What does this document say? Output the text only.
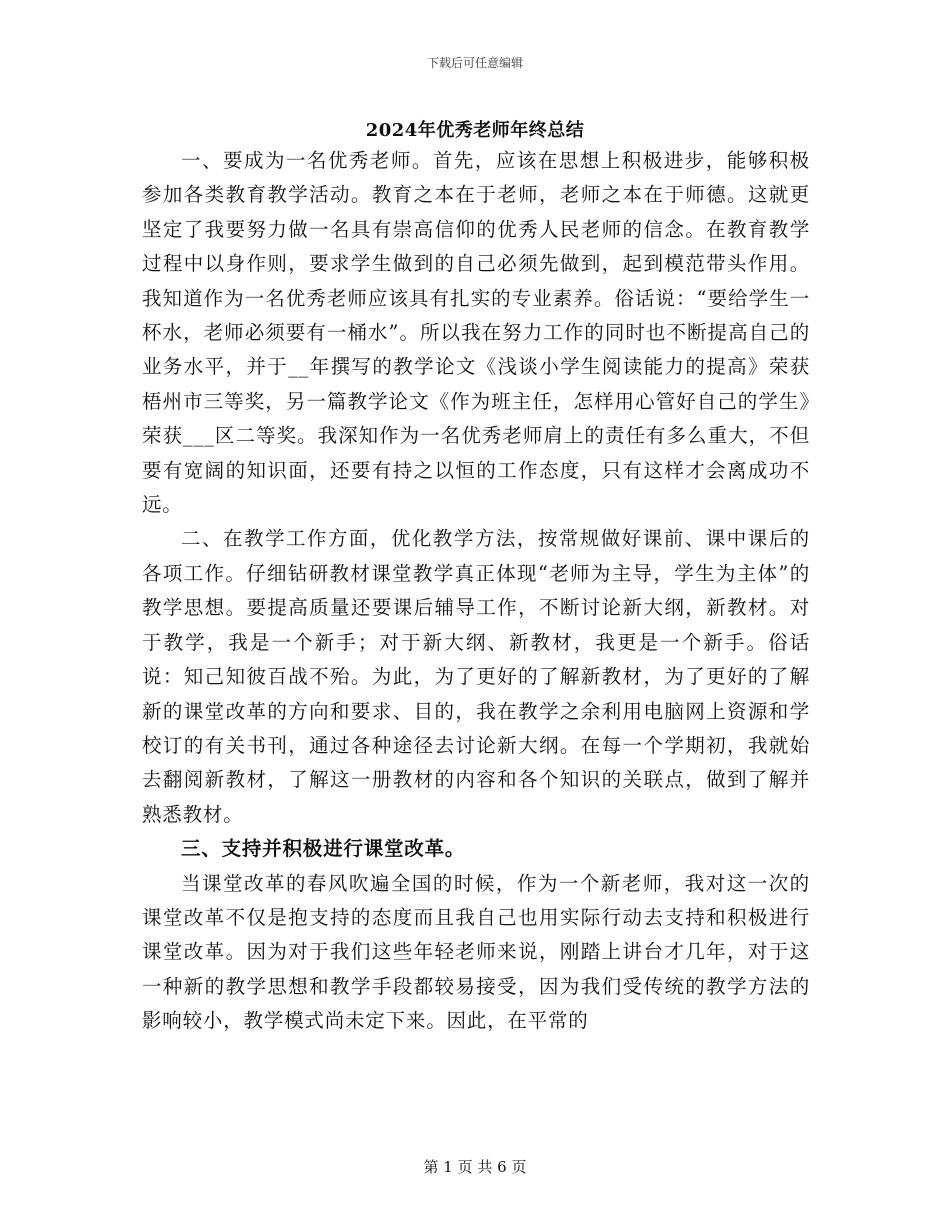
下载后可任意编辑
2024年优秀老师年终总结

一、要成为一名优秀老师。首先，应该在思想上积极进步，能够积极参加各类教育教学活动。教育之本在于老师，老师之本在于师德。这就更坚定了我要努力做一名具有崇高信仰的优秀人民老师的信念。在教育教学过程中以身作则，要求学生做到的自己必须先做到，起到模范带头作用。我知道作为一名优秀老师应该具有扎实的专业素养。俗话说：“要给学生一杯水，老师必须要有一桶水”。所以我在努力工作的同时也不断提高自己的业务水平，并于__年撰写的教学论文《浅谈小学生阅读能力的提高》荣获梧州市三等奖，另一篇教学论文《作为班主任，怎样用心管好自己的学生》荣获___区二等奖。我深知作为一名优秀老师肩上的责任有多么重大，不但要有宽阔的知识面，还要有持之以恒的工作态度，只有这样才会离成功不远。

二、在教学工作方面，优化教学方法，按常规做好课前、课中课后的各项工作。仔细钻研教材课堂教学真正体现“老师为主导，学生为主体”的教学思想。要提高质量还要课后辅导工作，不断讨论新大纲，新教材。对于教学，我是一个新手；对于新大纲、新教材，我更是一个新手。俗话说：知己知彼百战不殆。为此，为了更好的了解新教材，为了更好的了解新的课堂改革的方向和要求、目的，我在教学之余利用电脑网上资源和学校订的有关书刊，通过各种途径去讨论新大纲。在每一个学期初，我就始去翻阅新教材，了解这一册教材的内容和各个知识的关联点，做到了解并熟悉教材。

三、支持并积极进行课堂改革。

当课堂改革的春风吹遍全国的时候，作为一个新老师，我对这一次的课堂改革不仅是抱支持的态度而且我自己也用实际行动去支持和积极进行课堂改革。因为对于我们这些年轻老师来说，刚踏上讲台才几年，对于这一种新的教学思想和教学手段都较易接受，因为我们受传统的教学方法的影响较小，教学模式尚未定下来。因此，在平常的

第 1 页 共 6 页
